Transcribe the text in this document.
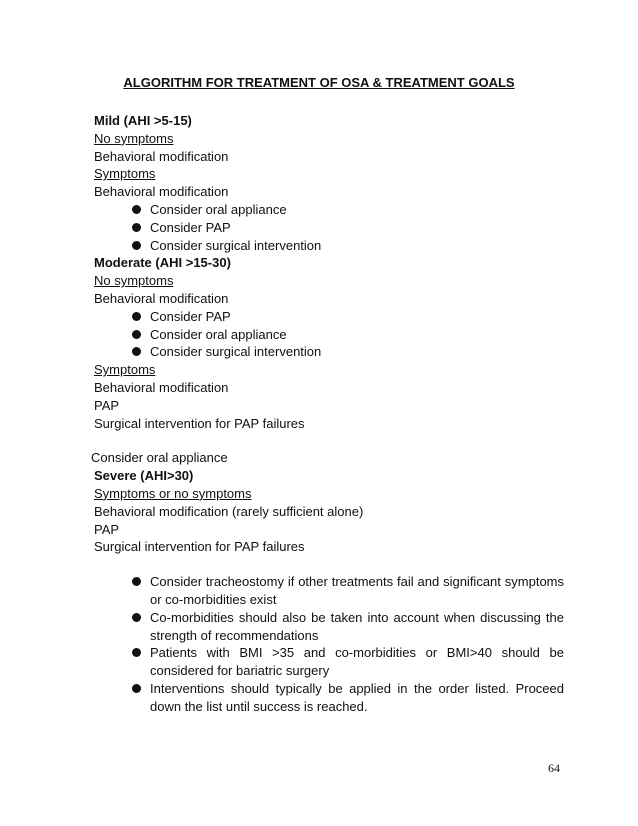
ALGORITHM FOR TREATMENT OF OSA & TREATMENT GOALS

Mild (AHI >5-15)
No symptoms
Behavioral modification
Symptoms
Behavioral modification
Consider oral appliance
Consider PAP
Consider surgical intervention
Moderate (AHI >15-30)
No symptoms
Behavioral modification
Consider PAP
Consider oral appliance
Consider surgical intervention
Symptoms
Behavioral modification
PAP
Surgical intervention for PAP failures
Consider oral appliance
Severe (AHI>30)
Symptoms or no symptoms
Behavioral modification (rarely sufficient alone)
PAP
Surgical intervention for PAP failures
Consider tracheostomy if other treatments fail and significant symptoms or co-morbidities exist
Co-morbidities should also be taken into account when discussing the strength of recommendations
Patients with BMI >35 and co-morbidities or BMI>40 should be considered for bariatric surgery
Interventions should typically be applied in the order listed. Proceed down the list until success is reached.
64
